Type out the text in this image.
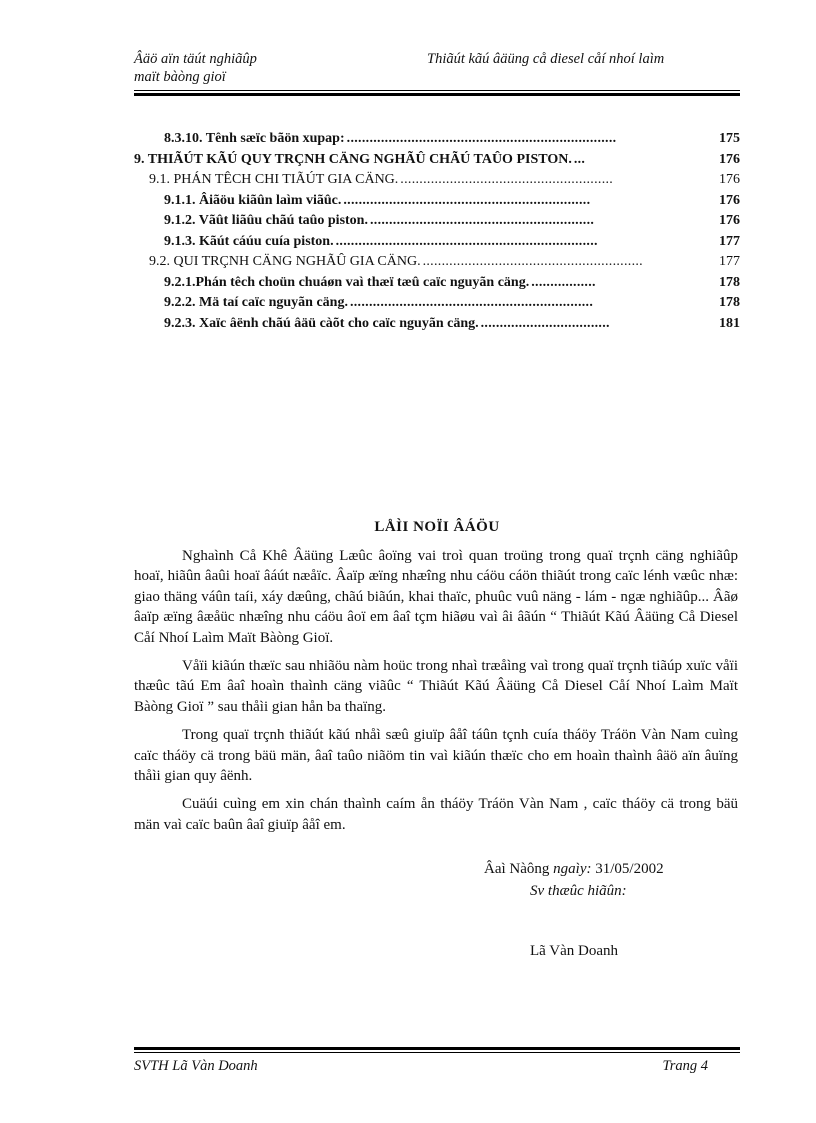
Âäö aïn täút nghiãûp
maït bàòng gioï
Thiãút kãú âäüng cå diesel cåí nhoí laìm
8.3.10. Tênh sæïc bãön xupap: .......................................................................	175
9. THIÃÚT KÃÚ QUY TRÇNH CÄNG NGHÃÛ CHÃÚ TAÛO PISTON. ...	176
9.1. PHÁN TÊCH CHI TIÃÚT GIA CÄNG. ........................................................	176
9.1.1. Âiãöu kiãûn laìm viãûc. .................................................................	176
9.1.2. Vãût liãûu chãú taûo piston. ...........................................................	176
9.1.3. Kãút cáúu cuía piston. .....................................................................	177
9.2. QUI TRÇNH CÄNG NGHÃÛ GIA CÄNG. ..........................................................	177
9.2.1.Phán têch choün chuáøn vaì thæï tæû caïc nguyãn cäng. .................	178
9.2.2. Mä taí caïc nguyãn cäng. ................................................................	178
9.2.3. Xaïc âënh chãú âäü càõt cho caïc nguyãn cäng. ..................................	181
LÅÌI NOÏI ÂÁÖU

Nghaình Cå Khê Âäüng Læûc âoïng vai troì quan troüng trong quaï trçnh cäng nghiãûp hoaï, hiãûn âaûi hoaï âáút næåïc. Âaïp æïng nhæîng nhu cáöu cáön thiãút trong caïc lénh væûc nhæ: giao thäng váûn taíi, xáy dæûng, chãú biãún, khai thaïc, phuûc vuû näng - lám - ngæ nghiãûp... Âãø âaïp æïng âæåüc nhæîng nhu cáöu âoï em âaî tçm hiãøu vaì âi âãún “ Thiãút Kãú Âäüng Cå Diesel Cåí Nhoí Laìm Maït Bàòng Gioï.

Våïi kiãún thæïc sau nhiãöu nàm hoüc trong nhaì træåìng vaì trong quaï trçnh tiãúp xuïc våïi thæûc tãú Em âaî hoaìn thaình cäng viãûc “ Thiãút Kãú Âäüng Cå Diesel Cåí Nhoí Laìm Maït Bàòng Gioï ” sau thåìi gian hån ba thaïng.

Trong quaï trçnh thiãút kãú nhåì sæû giuïp âåî táûn tçnh cuía tháöy Tráön Vàn Nam cuìng caïc tháöy cä trong bäü män, âaî taûo niãöm tin vaì kiãún thæïc cho em hoaìn thaình âäö aïn âuïng thåìi gian quy âënh.

Cuäúi cuìng em xin chán thaình caím ån tháöy Tráön Vàn Nam , caïc tháöy cä trong bäü män vaì caïc baûn âaî giuïp âåî em.

Âaì Nàông ngaìy: 31/05/2002
Sv thæûc hiãûn:
Lã Vàn Doanh
SVTH Lã Vàn Doanh	Trang 4
